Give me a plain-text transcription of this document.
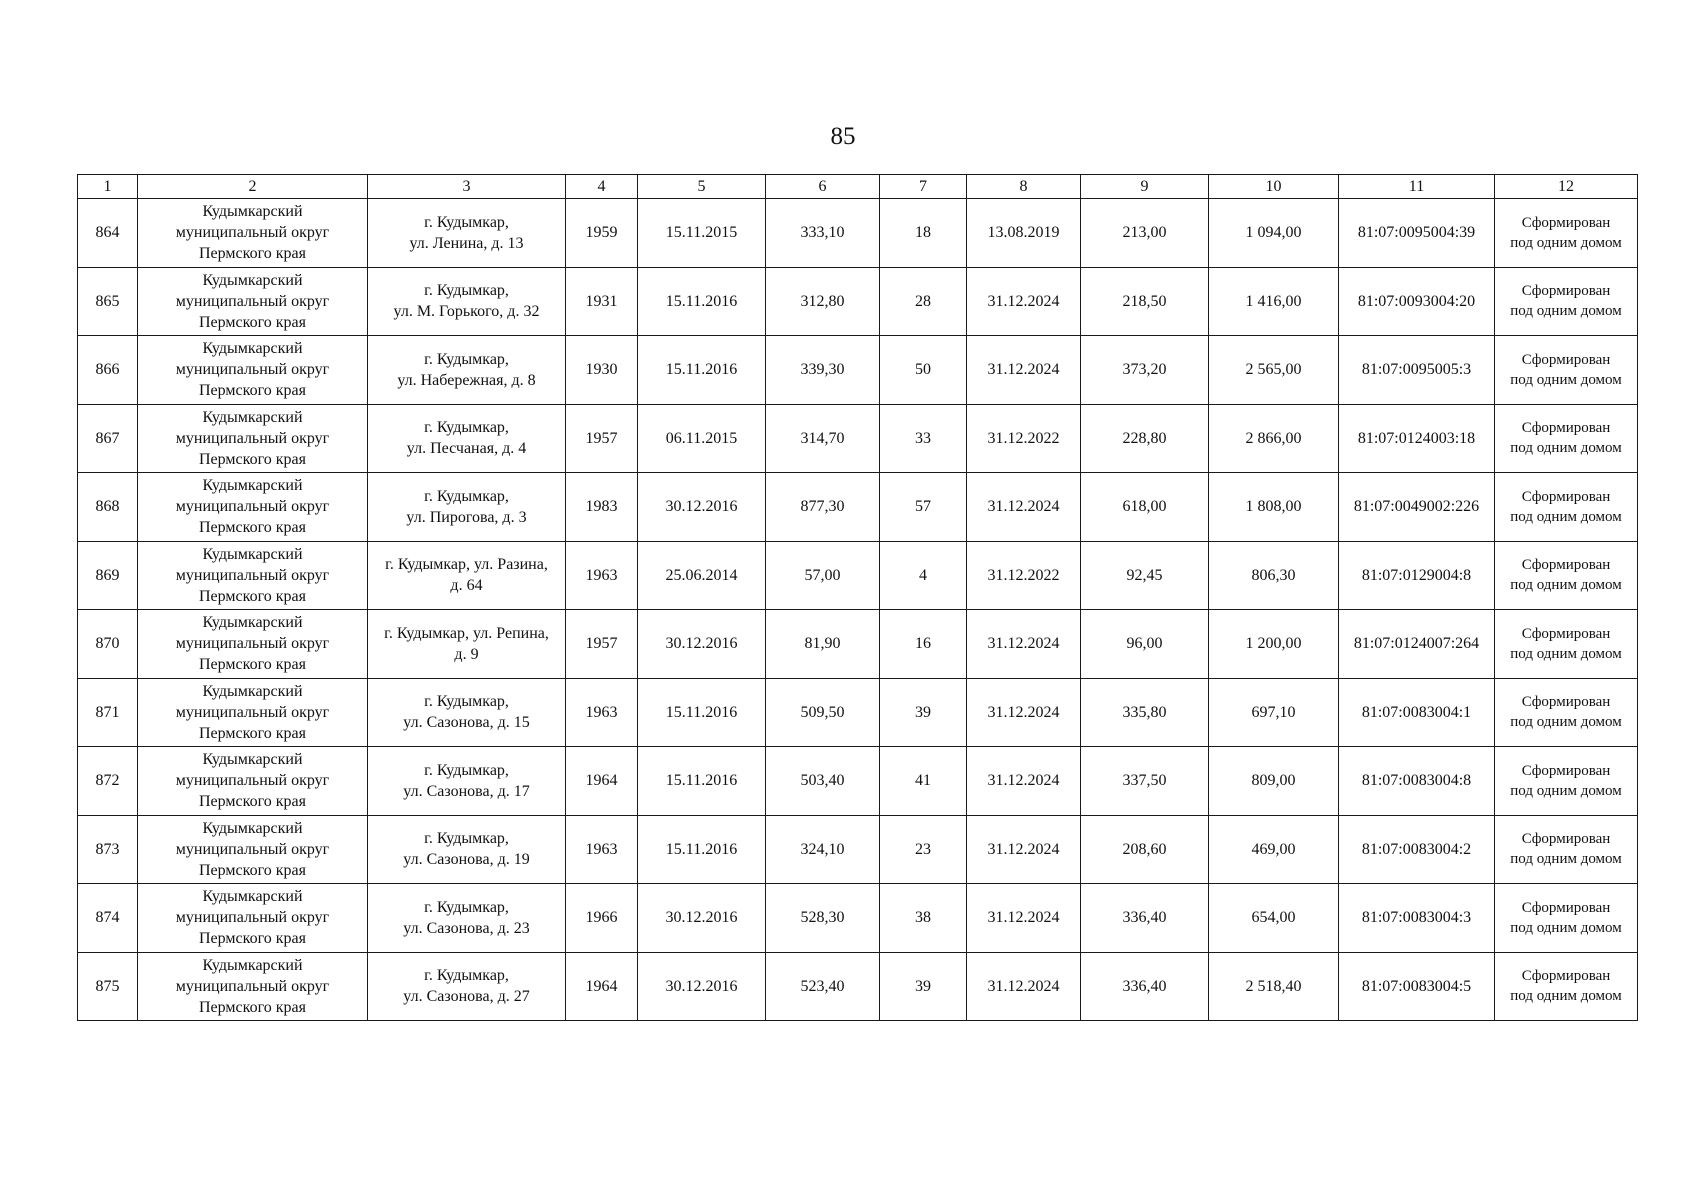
85
1	2	3	4	5	6	7	8	9	10	11	12
864	Кудымкарский
муниципальный округ
Пермского края	г. Кудымкар,
ул. Ленина, д. 13	1959	15.11.2015	333,10	18	13.08.2019	213,00	1 094,00	81:07:0095004:39	Сформирован
под одним домом

865	Кудымкарский
муниципальный округ
Пермского края	г. Кудымкар,
ул. М. Горького, д. 32	1931	15.11.2016	312,80	28	31.12.2024	218,50	1 416,00	81:07:0093004:20	Сформирован
под одним домом

866	Кудымкарский
муниципальный округ
Пермского края	г. Кудымкар,
ул. Набережная, д. 8	1930	15.11.2016	339,30	50	31.12.2024	373,20	2 565,00	81:07:0095005:3	Сформирован
под одним домом

867	Кудымкарский
муниципальный округ
Пермского края	г. Кудымкар,
ул. Песчаная, д. 4	1957	06.11.2015	314,70	33	31.12.2022	228,80	2 866,00	81:07:0124003:18	Сформирован
под одним домом

868	Кудымкарский
муниципальный округ
Пермского края	г. Кудымкар,
ул. Пирогова, д. 3	1983	30.12.2016	877,30	57	31.12.2024	618,00	1 808,00	81:07:0049002:226	Сформирован
под одним домом

869	Кудымкарский
муниципальный округ
Пермского края	г. Кудымкар, ул. Разина,
д. 64	1963	25.06.2014	57,00	4	31.12.2022	92,45	806,30	81:07:0129004:8	Сформирован
под одним домом

870	Кудымкарский
муниципальный округ
Пермского края	г. Кудымкар, ул. Репина,
д. 9	1957	30.12.2016	81,90	16	31.12.2024	96,00	1 200,00	81:07:0124007:264	Сформирован
под одним домом

871	Кудымкарский
муниципальный округ
Пермского края	г. Кудымкар,
ул. Сазонова, д. 15	1963	15.11.2016	509,50	39	31.12.2024	335,80	697,10	81:07:0083004:1	Сформирован
под одним домом

872	Кудымкарский
муниципальный округ
Пермского края	г. Кудымкар,
ул. Сазонова, д. 17	1964	15.11.2016	503,40	41	31.12.2024	337,50	809,00	81:07:0083004:8	Сформирован
под одним домом

873	Кудымкарский
муниципальный округ
Пермского края	г. Кудымкар,
ул. Сазонова, д. 19	1963	15.11.2016	324,10	23	31.12.2024	208,60	469,00	81:07:0083004:2	Сформирован
под одним домом

874	Кудымкарский
муниципальный округ
Пермского края	г. Кудымкар,
ул. Сазонова, д. 23	1966	30.12.2016	528,30	38	31.12.2024	336,40	654,00	81:07:0083004:3	Сформирован
под одним домом

875	Кудымкарский
муниципальный округ
Пермского края	г. Кудымкар,
ул. Сазонова, д. 27	1964	30.12.2016	523,40	39	31.12.2024	336,40	2 518,40	81:07:0083004:5	Сформирован
под одним домом
